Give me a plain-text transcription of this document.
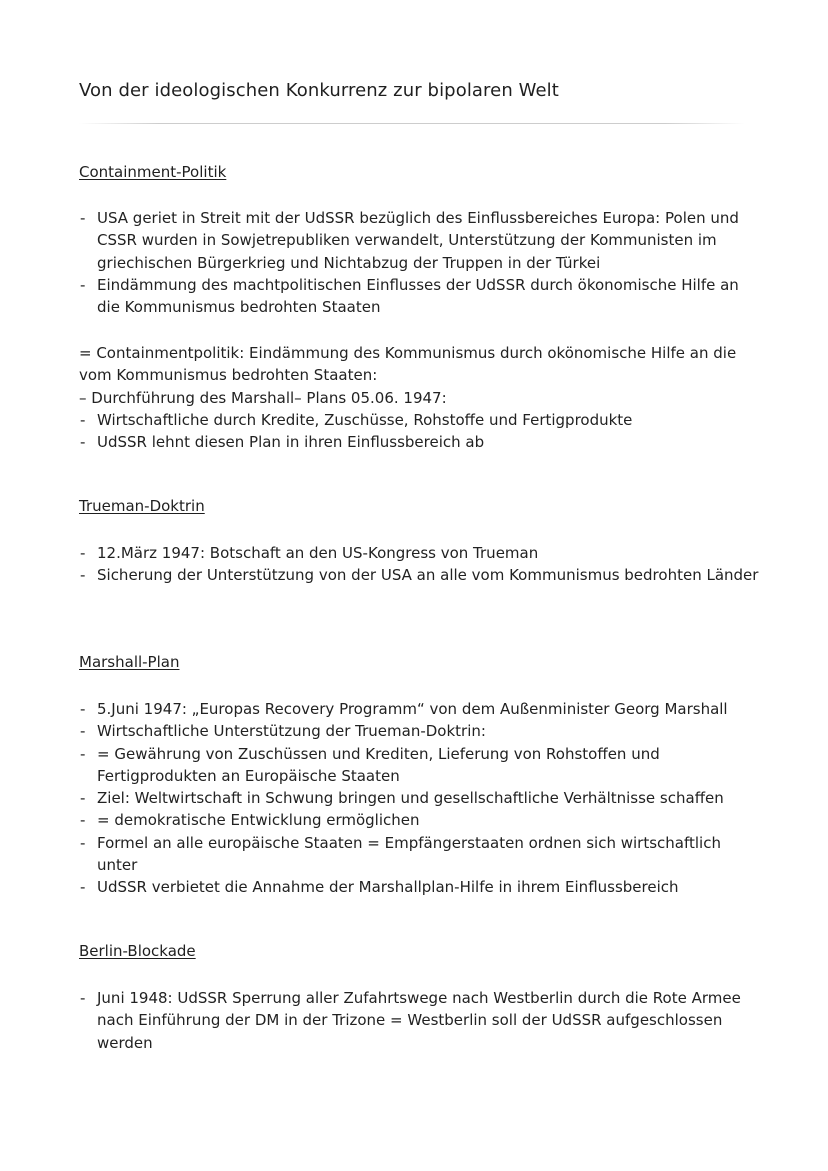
Von der ideologischen Konkurrenz zur bipolaren Welt
Containment-Politik
- USA geriet in Streit mit der UdSSR bezüglich des Einflussbereiches Europa: Polen und CSSR wurden in Sowjetrepubliken verwandelt, Unterstützung der Kommunisten im griechischen Bürgerkrieg und Nichtabzug der Truppen in der Türkei
- Eindämmung des machtpolitischen Einflusses der UdSSR durch ökonomische Hilfe an die Kommunismus bedrohten Staaten
= Containmentpolitik: Eindämmung des Kommunismus durch okönomische Hilfe an die vom Kommunismus bedrohten Staaten:
– Durchführung des Marshall– Plans 05.06. 1947:
- Wirtschaftliche durch Kredite, Zuschüsse, Rohstoffe und Fertigprodukte
- UdSSR lehnt diesen Plan in ihren Einflussbereich ab
Trueman-Doktrin
- 12.März 1947: Botschaft an den US-Kongress von Trueman
- Sicherung der Unterstützung von der USA an alle vom Kommunismus bedrohten Länder
Marshall-Plan
- 5.Juni 1947: „Europas Recovery Programm“ von dem Außenminister Georg Marshall
- Wirtschaftliche Unterstützung der Trueman-Doktrin:
- = Gewährung von Zuschüssen und Krediten, Lieferung von Rohstoffen und Fertigprodukten an Europäische Staaten
- Ziel: Weltwirtschaft in Schwung bringen und gesellschaftliche Verhältnisse schaffen
- = demokratische Entwicklung ermöglichen
- Formel an alle europäische Staaten = Empfängerstaaten ordnen sich wirtschaftlich unter
- UdSSR verbietet die Annahme der Marshallplan-Hilfe in ihrem Einflussbereich
Berlin-Blockade
- Juni 1948: UdSSR Sperrung aller Zufahrtswege nach Westberlin durch die Rote Armee nach Einführung der DM in der Trizone = Westberlin soll der UdSSR aufgeschlossen werden
